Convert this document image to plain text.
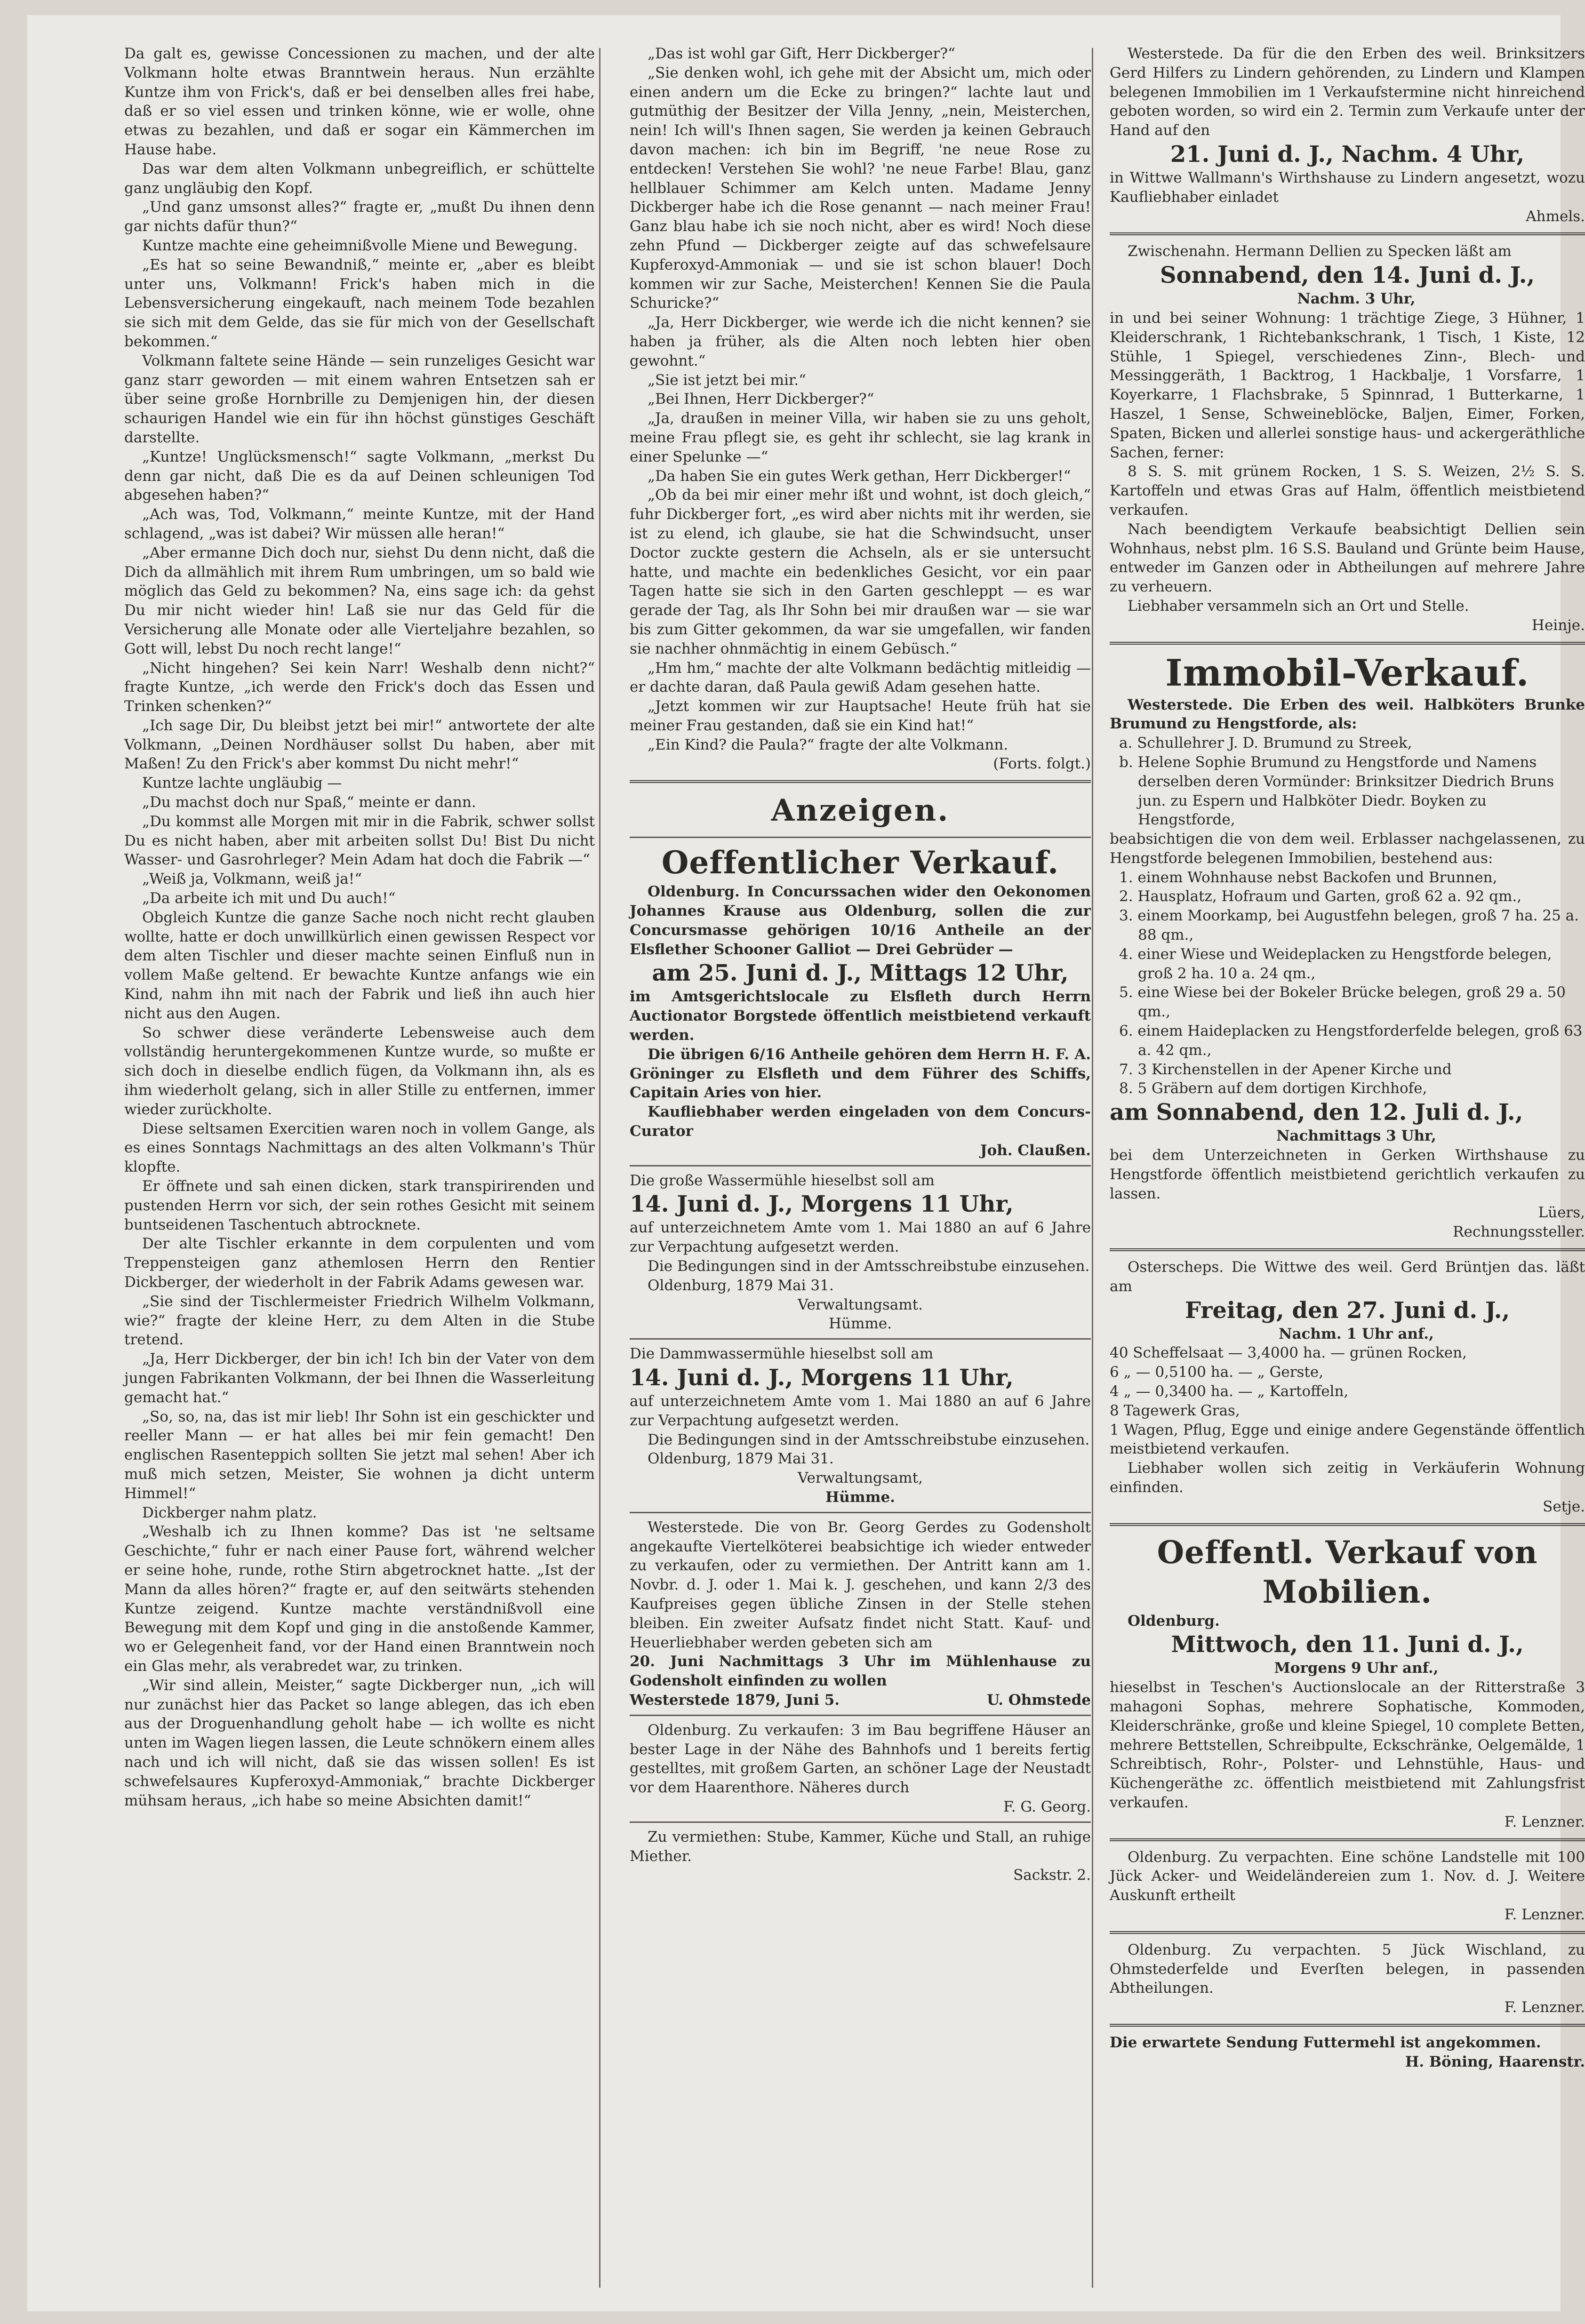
Da galt es, gewisse Concessionen zu machen, und der alte Volkmann holte etwas Branntwein heraus. Nun erzählte Kuntze ihm von Frick's, daß er bei denselben alles frei habe, daß er so viel essen und trinken könne, wie er wolle, ohne etwas zu bezahlen, und daß er sogar ein Kämmerchen im Hause habe.

Das war dem alten Volkmann unbegreiflich, er schüttelte ganz ungläubig den Kopf.

„Und ganz umsonst alles?“ fragte er, „mußt Du ihnen denn gar nichts dafür thun?“

Kuntze machte eine geheimnißvolle Miene und Bewegung.

„Es hat so seine Bewandniß,“ meinte er, „aber es bleibt unter uns, Volkmann! Frick's haben mich in die Lebensversicherung eingekauft, nach meinem Tode bezahlen sie sich mit dem Gelde, das sie für mich von der Gesellschaft bekommen.“

Volkmann faltete seine Hände — sein runzeliges Gesicht war ganz starr geworden — mit einem wahren Entsetzen sah er über seine große Hornbrille zu Demjenigen hin, der diesen schaurigen Handel wie ein für ihn höchst günstiges Geschäft darstellte.

„Kuntze! Unglücksmensch!“ sagte Volkmann, „merkst Du denn gar nicht, daß Die es da auf Deinen schleunigen Tod abgesehen haben?“

„Ach was, Tod, Volkmann,“ meinte Kuntze, mit der Hand schlagend, „was ist dabei? Wir müssen alle heran!“

„Aber ermanne Dich doch nur, siehst Du denn nicht, daß die Dich da allmählich mit ihrem Rum umbringen, um so bald wie möglich das Geld zu bekommen? Na, eins sage ich: da gehst Du mir nicht wieder hin! Laß sie nur das Geld für die Versicherung alle Monate oder alle Vierteljahre bezahlen, so Gott will, lebst Du noch recht lange!“

„Nicht hingehen? Sei kein Narr! Weshalb denn nicht?“ fragte Kuntze, „ich werde den Frick's doch das Essen und Trinken schenken?“

„Ich sage Dir, Du bleibst jetzt bei mir!“ antwortete der alte Volkmann, „Deinen Nordhäuser sollst Du haben, aber mit Maßen! Zu den Frick's aber kommst Du nicht mehr!“

Kuntze lachte ungläubig —

„Du machst doch nur Spaß,“ meinte er dann.

„Du kommst alle Morgen mit mir in die Fabrik, schwer sollst Du es nicht haben, aber mit arbeiten sollst Du! Bist Du nicht Wasser- und Gasrohrleger? Mein Adam hat doch die Fabrik —“

„Weiß ja, Volkmann, weiß ja!“

„Da arbeite ich mit und Du auch!“

Obgleich Kuntze die ganze Sache noch nicht recht glauben wollte, hatte er doch unwillkürlich einen gewissen Respect vor dem alten Tischler und dieser machte seinen Einfluß nun in vollem Maße geltend. Er bewachte Kuntze anfangs wie ein Kind, nahm ihn mit nach der Fabrik und ließ ihn auch hier nicht aus den Augen.

So schwer diese veränderte Lebensweise auch dem vollständig heruntergekommenen Kuntze wurde, so mußte er sich doch in dieselbe endlich fügen, da Volkmann ihn, als es ihm wiederholt gelang, sich in aller Stille zu entfernen, immer wieder zurückholte.

Diese seltsamen Exercitien waren noch in vollem Gange, als es eines Sonntags Nachmittags an des alten Volkmann's Thür klopfte.

Er öffnete und sah einen dicken, stark transpirirenden und pustenden Herrn vor sich, der sein rothes Gesicht mit seinem buntseidenen Taschentuch abtrocknete.

Der alte Tischler erkannte in dem corpulenten und vom Treppensteigen ganz athemlosen Herrn den Rentier Dickberger, der wiederholt in der Fabrik Adams gewesen war.

„Sie sind der Tischlermeister Friedrich Wilhelm Volkmann, wie?“ fragte der kleine Herr, zu dem Alten in die Stube tretend.

„Ja, Herr Dickberger, der bin ich! Ich bin der Vater von dem jungen Fabrikanten Volkmann, der bei Ihnen die Wasserleitung gemacht hat.“

„So, so, na, das ist mir lieb! Ihr Sohn ist ein geschickter und reeller Mann — er hat alles bei mir fein gemacht! Den englischen Rasenteppich sollten Sie jetzt mal sehen! Aber ich muß mich setzen, Meister, Sie wohnen ja dicht unterm Himmel!“

Dickberger nahm platz.

„Weshalb ich zu Ihnen komme? Das ist 'ne seltsame Geschichte,“ fuhr er nach einer Pause fort, während welcher er seine hohe, runde, rothe Stirn abgetrocknet hatte. „Ist der Mann da alles hören?“ fragte er, auf den seitwärts stehenden Kuntze zeigend. Kuntze machte verständnißvoll eine Bewegung mit dem Kopf und ging in die anstoßende Kammer, wo er Gelegenheit fand, vor der Hand einen Branntwein noch ein Glas mehr, als verabredet war, zu trinken.

„Wir sind allein, Meister,“ sagte Dickberger nun, „ich will nur zunächst hier das Packet so lange ablegen, das ich eben aus der Droguenhandlung geholt habe — ich wollte es nicht unten im Wagen liegen lassen, die Leute schnökern einem alles nach und ich will nicht, daß sie das wissen sollen! Es ist schwefelsaures Kupferoxyd-Ammoniak,“ brachte Dickberger mühsam heraus, „ich habe so meine Absichten damit!“

„Das ist wohl gar Gift, Herr Dickberger?“

„Sie denken wohl, ich gehe mit der Absicht um, mich oder einen andern um die Ecke zu bringen?“ lachte laut und gutmüthig der Besitzer der Villa Jenny, „nein, Meisterchen, nein! Ich will's Ihnen sagen, Sie werden ja keinen Gebrauch davon machen: ich bin im Begriff, 'ne neue Rose zu entdecken! Verstehen Sie wohl? 'ne neue Farbe! Blau, ganz hellblauer Schimmer am Kelch unten. Madame Jenny Dickberger habe ich die Rose genannt — nach meiner Frau! Ganz blau habe ich sie noch nicht, aber es wird! Noch diese zehn Pfund — Dickberger zeigte auf das schwefelsaure Kupferoxyd-Ammoniak — und sie ist schon blauer! Doch kommen wir zur Sache, Meisterchen! Kennen Sie die Paula Schuricke?“

„Ja, Herr Dickberger, wie werde ich die nicht kennen? sie haben ja früher, als die Alten noch lebten hier oben gewohnt.“

„Sie ist jetzt bei mir.“

„Bei Ihnen, Herr Dickberger?“

„Ja, draußen in meiner Villa, wir haben sie zu uns geholt, meine Frau pflegt sie, es geht ihr schlecht, sie lag krank in einer Spelunke —“

„Da haben Sie ein gutes Werk gethan, Herr Dickberger!“

„Ob da bei mir einer mehr ißt und wohnt, ist doch gleich,“ fuhr Dickberger fort, „es wird aber nichts mit ihr werden, sie ist zu elend, ich glaube, sie hat die Schwindsucht, unser Doctor zuckte gestern die Achseln, als er sie untersucht hatte, und machte ein bedenkliches Gesicht, vor ein paar Tagen hatte sie sich in den Garten geschleppt — es war gerade der Tag, als Ihr Sohn bei mir draußen war — sie war bis zum Gitter gekommen, da war sie umgefallen, wir fanden sie nachher ohnmächtig in einem Gebüsch.“

„Hm hm,“ machte der alte Volkmann bedächtig mitleidig — er dachte daran, daß Paula gewiß Adam gesehen hatte.

„Jetzt kommen wir zur Hauptsache! Heute früh hat sie meiner Frau gestanden, daß sie ein Kind hat!“

„Ein Kind? die Paula?“ fragte der alte Volkmann.

(Forts. folgt.)

Anzeigen.
Oeffentlicher Verkauf.

Oldenburg. In Concurssachen wider den Oekonomen Johannes Krause aus Oldenburg, sollen die zur Concursmasse gehörigen 10/16 Antheile an der Elsflether Schooner Galliot — Drei Gebrüder —

am 25. Juni d. J., Mittags 12 Uhr,

im Amtsgerichtslocale zu Elsfleth durch Herrn Auctionator Borgstede öffentlich meistbietend verkauft werden.

Die übrigen 6/16 Antheile gehören dem Herrn H. F. A. Gröninger zu Elsfleth und dem Führer des Schiffs, Capitain Aries von hier.

Kaufliebhaber werden eingeladen von dem Concurs-Curator

Joh. Claußen.

Die große Wassermühle hieselbst soll am

14. Juni d. J., Morgens 11 Uhr,

auf unterzeichnetem Amte vom 1. Mai 1880 an auf 6 Jahre zur Verpachtung aufgesetzt werden.

Die Bedingungen sind in der Amtsschreibstube einzusehen.

Oldenburg, 1879 Mai 31.

Verwaltungsamt.

Hümme.

Die Dammwassermühle hieselbst soll am

14. Juni d. J., Morgens 11 Uhr,

auf unterzeichnetem Amte vom 1. Mai 1880 an auf 6 Jahre zur Verpachtung aufgesetzt werden.

Die Bedingungen sind in der Amtsschreibstube einzusehen.

Oldenburg, 1879 Mai 31.

Verwaltungsamt,

Hümme.

Westerstede. Die von Br. Georg Gerdes zu Godensholt angekaufte Viertelköterei beabsichtige ich wieder entweder zu verkaufen, oder zu vermiethen. Der Antritt kann am 1. Novbr. d. J. oder 1. Mai k. J. geschehen, und kann 2/3 des Kaufpreises gegen übliche Zinsen in der Stelle stehen bleiben. Ein zweiter Aufsatz findet nicht Statt. Kauf- und Heuerliebhaber werden gebeten sich am

20. Juni Nachmittags 3 Uhr im Mühlenhause zu Godensholt einfinden zu wollen

Westerstede 1879, Juni 5.	U. Ohmstede

Oldenburg. Zu verkaufen: 3 im Bau begriffene Häuser an bester Lage in der Nähe des Bahnhofs und 1 bereits fertig gestelltes, mit großem Garten, an schöner Lage der Neustadt vor dem Haarenthore. Näheres durch

F. G. Georg.

Zu vermiethen: Stube, Kammer, Küche und Stall, an ruhige Miether.

Sackstr. 2.

Westerstede. Da für die den Erben des weil. Brinksitzers Gerd Hilfers zu Lindern gehörenden, zu Lindern und Klampen belegenen Immobilien im 1 Verkaufstermine nicht hinreichend geboten worden, so wird ein 2. Termin zum Verkaufe unter der Hand auf den

21. Juni d. J., Nachm. 4 Uhr,

in Wittwe Wallmann's Wirthshause zu Lindern angesetzt, wozu Kaufliebhaber einladet

Ahmels.

Zwischenahn. Hermann Dellien zu Specken läßt am

Sonnabend, den 14. Juni d. J.,

Nachm. 3 Uhr,

in und bei seiner Wohnung: 1 trächtige Ziege, 3 Hühner, 1 Kleiderschrank, 1 Richtebankschrank, 1 Tisch, 1 Kiste, 12 Stühle, 1 Spiegel, verschiedenes Zinn-, Blech- und Messinggeräth, 1 Backtrog, 1 Hackbalje, 1 Vorsfarre, 1 Koyerkarre, 1 Flachsbrake, 5 Spinnrad, 1 Butterkarne, 1 Haszel, 1 Sense, Schweineblöcke, Baljen, Eimer, Forken, Spaten, Bicken und allerlei sonstige haus- und ackergeräthliche Sachen, ferner:

8 S. S. mit grünem Rocken, 1 S. S. Weizen, 2½ S. S. Kartoffeln und etwas Gras auf Halm, öffentlich meistbietend verkaufen.

Nach beendigtem Verkaufe beabsichtigt Dellien sein Wohnhaus, nebst plm. 16 S.S. Bauland und Grünte beim Hause, entweder im Ganzen oder in Abtheilungen auf mehrere Jahre zu verheuern.

Liebhaber versammeln sich an Ort und Stelle.

Heinje.

Immobil-Verkauf.

Westerstede. Die Erben des weil. Halbköters Brunke Brumund zu Hengstforde, als:

a. Schullehrer J. D. Brumund zu Streek,

b. Helene Sophie Brumund zu Hengstforde und Namens derselben deren Vormünder: Brinksitzer Diedrich Bruns jun. zu Espern und Halbköter Diedr. Boyken zu Hengstforde,

beabsichtigen die von dem weil. Erblasser nachgelassenen, zu Hengstforde belegenen Immobilien, bestehend aus:

1. einem Wohnhause nebst Backofen und Brunnen,

2. Hausplatz, Hofraum und Garten, groß 62 a. 92 qm.,

3. einem Moorkamp, bei Augustfehn belegen, groß 7 ha. 25 a. 88 qm.,

4. einer Wiese und Weideplacken zu Hengstforde belegen, groß 2 ha. 10 a. 24 qm.,

5. eine Wiese bei der Bokeler Brücke belegen, groß 29 a. 50 qm.,

6. einem Haideplacken zu Hengstforderfelde belegen, groß 63 a. 42 qm.,

7. 3 Kirchenstellen in der Apener Kirche und

8. 5 Gräbern auf dem dortigen Kirchhofe,

am Sonnabend, den 12. Juli d. J.,

Nachmittags 3 Uhr,

bei dem Unterzeichneten in Gerken Wirthshause zu Hengstforde öffentlich meistbietend gerichtlich verkaufen zu lassen.

Lüers,

Rechnungssteller.

Osterscheps. Die Wittwe des weil. Gerd Brüntjen das. läßt am

Freitag, den 27. Juni d. J.,

Nachm. 1 Uhr anf.,

40 Scheffelsaat — 3,4000 ha. — grünen Rocken,

6 „ — 0,5100 ha. — „ Gerste,

4 „ — 0,3400 ha. — „ Kartoffeln,

8 Tagewerk Gras,

1 Wagen, Pflug, Egge und einige andere Gegenstände öffentlich meistbietend verkaufen.

Liebhaber wollen sich zeitig in Verkäuferin Wohnung einfinden.

Setje.

Oeffentl. Verkauf von Mobilien.

Oldenburg.

Mittwoch, den 11. Juni d. J.,

Morgens 9 Uhr anf.,

hieselbst in Teschen's Auctionslocale an der Ritterstraße 3 mahagoni Sophas, mehrere Sophatische, Kommoden, Kleiderschränke, große und kleine Spiegel, 10 complete Betten, mehrere Bettstellen, Schreibpulte, Eckschränke, Oelgemälde, 1 Schreibtisch, Rohr-, Polster- und Lehnstühle, Haus- und Küchengeräthe zc. öffentlich meistbietend mit Zahlungsfrist verkaufen.

F. Lenzner.

Oldenburg. Zu verpachten. Eine schöne Landstelle mit 100 Jück Acker- und Weideländereien zum 1. Nov. d. J. Weitere Auskunft ertheilt

F. Lenzner.

Oldenburg. Zu verpachten. 5 Jück Wischland, zu Ohmstederfelde und Everſten belegen, in passenden Abtheilungen.

F. Lenzner.

Die erwartete Sendung Futtermehl ist angekommen.

H. Böning, Haarenstr.
